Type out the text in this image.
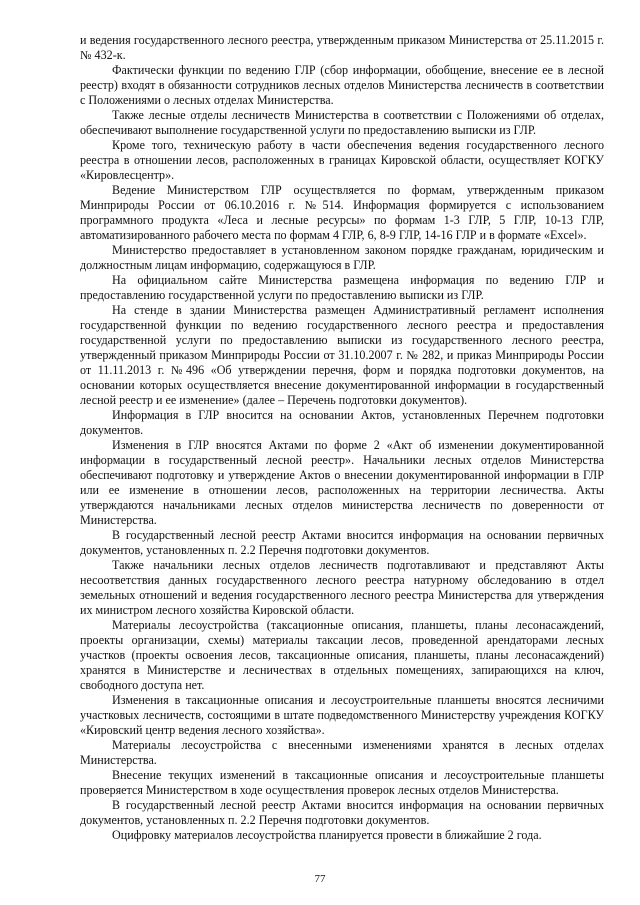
и ведения государственного лесного реестра, утвержденным приказом Министерства от 25.11.2015 г. № 432-к.

Фактически функции по ведению ГЛР (сбор информации, обобщение, внесение ее в лесной реестр) входят в обязанности сотрудников лесных отделов Министерства лесничеств в соответствии с Положениями о лесных отделах Министерства.

Также лесные отделы лесничеств Министерства в соответствии с Положениями об отделах, обеспечивают выполнение государственной услуги по предоставлению выписки из ГЛР.

Кроме того, техническую работу в части обеспечения ведения государственного лесного реестра в отношении лесов, расположенных в границах Кировской области, осуществляет КОГКУ «Кировлесцентр».

Ведение Министерством ГЛР осуществляется по формам, утвержденным приказом Минприроды России от 06.10.2016 г. №514. Информация формируется с использованием программного продукта «Леса и лесные ресурсы» по формам 1-3 ГЛР, 5 ГЛР, 10-13 ГЛР, автоматизированного рабочего места по формам 4 ГЛР, 6, 8-9 ГЛР, 14-16 ГЛР и в формате «Excel».

Министерство предоставляет в установленном законом порядке гражданам, юридическим и должностным лицам информацию, содержащуюся в ГЛР.

На официальном сайте Министерства размещена информация по ведению ГЛР и предоставлению государственной услуги по предоставлению выписки из ГЛР.

На стенде в здании Министерства размещен Административный регламент исполнения государственной функции по ведению государственного лесного реестра и предоставления государственной услуги по предоставлению выписки из государственного лесного реестра, утвержденный приказом Минприроды России от 31.10.2007 г. № 282, и приказ Минприроды России от 11.11.2013 г. №496 «Об утверждении перечня, форм и порядка подготовки документов, на основании которых осуществляется внесение документированной информации в государственный лесной реестр и ее изменение» (далее – Перечень подготовки документов).

Информация в ГЛР вносится на основании Актов, установленных Перечнем подготовки документов.

Изменения в ГЛР вносятся Актами по форме 2 «Акт об изменении документированной информации в государственный лесной реестр». Начальники лесных отделов Министерства обеспечивают подготовку и утверждение Актов о внесении документированной информации в ГЛР или ее изменение в отношении лесов, расположенных на территории лесничества. Акты утверждаются начальниками лесных отделов министерства лесничеств по доверенности от Министерства.

В государственный лесной реестр Актами вносится информация на основании первичных документов, установленных п. 2.2 Перечня подготовки документов.

Также начальники лесных отделов лесничеств подготавливают и представляют Акты несоответствия данных государственного лесного реестра натурному обследованию в отдел земельных отношений и ведения государственного лесного реестра Министерства для утверждения их министром лесного хозяйства Кировской области.

Материалы лесоустройства (таксационные описания, планшеты, планы лесонасаждений, проекты организации, схемы) материалы таксации лесов, проведенной арендаторами лесных участков (проекты освоения лесов, таксационные описания, планшеты, планы лесонасаждений) хранятся в Министерстве и лесничествах в отдельных помещениях, запирающихся на ключ, свободного доступа нет.

Изменения в таксационные описания и лесоустроительные планшеты вносятся лесничими участковых лесничеств, состоящими в штате подведомственного Министерству учреждения КОГКУ «Кировский центр ведения лесного хозяйства».

Материалы лесоустройства с внесенными изменениями хранятся в лесных отделах Министерства.

Внесение текущих изменений в таксационные описания и лесоустроительные планшеты проверяется Министерством в ходе осуществления проверок лесных отделов Министерства.

В государственный лесной реестр Актами вносится информация на основании первичных документов, установленных п. 2.2 Перечня подготовки документов.

Оцифровку материалов лесоустройства планируется провести в ближайшие 2 года.

77
